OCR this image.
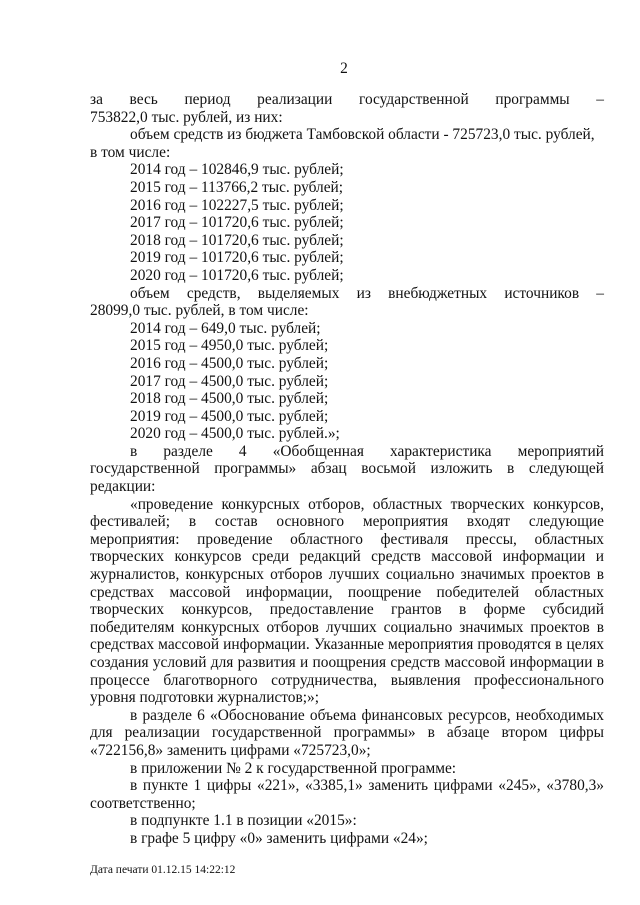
2

за весь период реализации государственной программы –

753822,0 тыс. рублей, из них:

объем средств из бюджета Тамбовской области - 725723,0 тыс. рублей,

в том числе:

2014 год – 102846,9 тыс. рублей;

2015 год – 113766,2 тыс. рублей;

2016 год – 102227,5 тыс. рублей;

2017 год – 101720,6 тыс. рублей;

2018 год – 101720,6 тыс. рублей;

2019 год – 101720,6 тыс. рублей;

2020 год – 101720,6 тыс. рублей;

объем средств, выделяемых из внебюджетных источников –

28099,0 тыс. рублей, в том числе:

2014 год – 649,0 тыс. рублей;

2015 год – 4950,0 тыс. рублей;

2016 год – 4500,0 тыс. рублей;

2017 год – 4500,0 тыс. рублей;

2018 год – 4500,0 тыс. рублей;

2019 год – 4500,0 тыс. рублей;

2020 год – 4500,0 тыс. рублей.»;

в разделе 4 «Обобщенная характеристика мероприятий

государственной программы» абзац восьмой изложить в следующей

редакции:

«проведение конкурсных отборов, областных творческих конкурсов,

фестивалей; в состав основного мероприятия входят следующие

мероприятия: проведение областного фестиваля прессы, областных

творческих конкурсов среди редакций средств массовой информации и

журналистов, конкурсных отборов лучших социально значимых проектов в

средствах массовой информации, поощрение победителей областных

творческих конкурсов, предоставление грантов в форме субсидий

победителям конкурсных отборов лучших социально значимых проектов в

средствах массовой информации. Указанные мероприятия проводятся в целях

создания условий для развития и поощрения средств массовой информации в

процессе благотворного сотрудничества, выявления профессионального

уровня подготовки журналистов;»;

в разделе 6 «Обоснование объема финансовых ресурсов, необходимых

для реализации государственной программы» в абзаце втором цифры

«722156,8» заменить цифрами «725723,0»;

в приложении № 2 к государственной программе:

в пункте 1 цифры «221», «3385,1» заменить цифрами «245», «3780,3»

соответственно;

в подпункте 1.1 в позиции «2015»:

в графе 5 цифру «0» заменить цифрами «24»;

Дата печати 01.12.15 14:22:12
